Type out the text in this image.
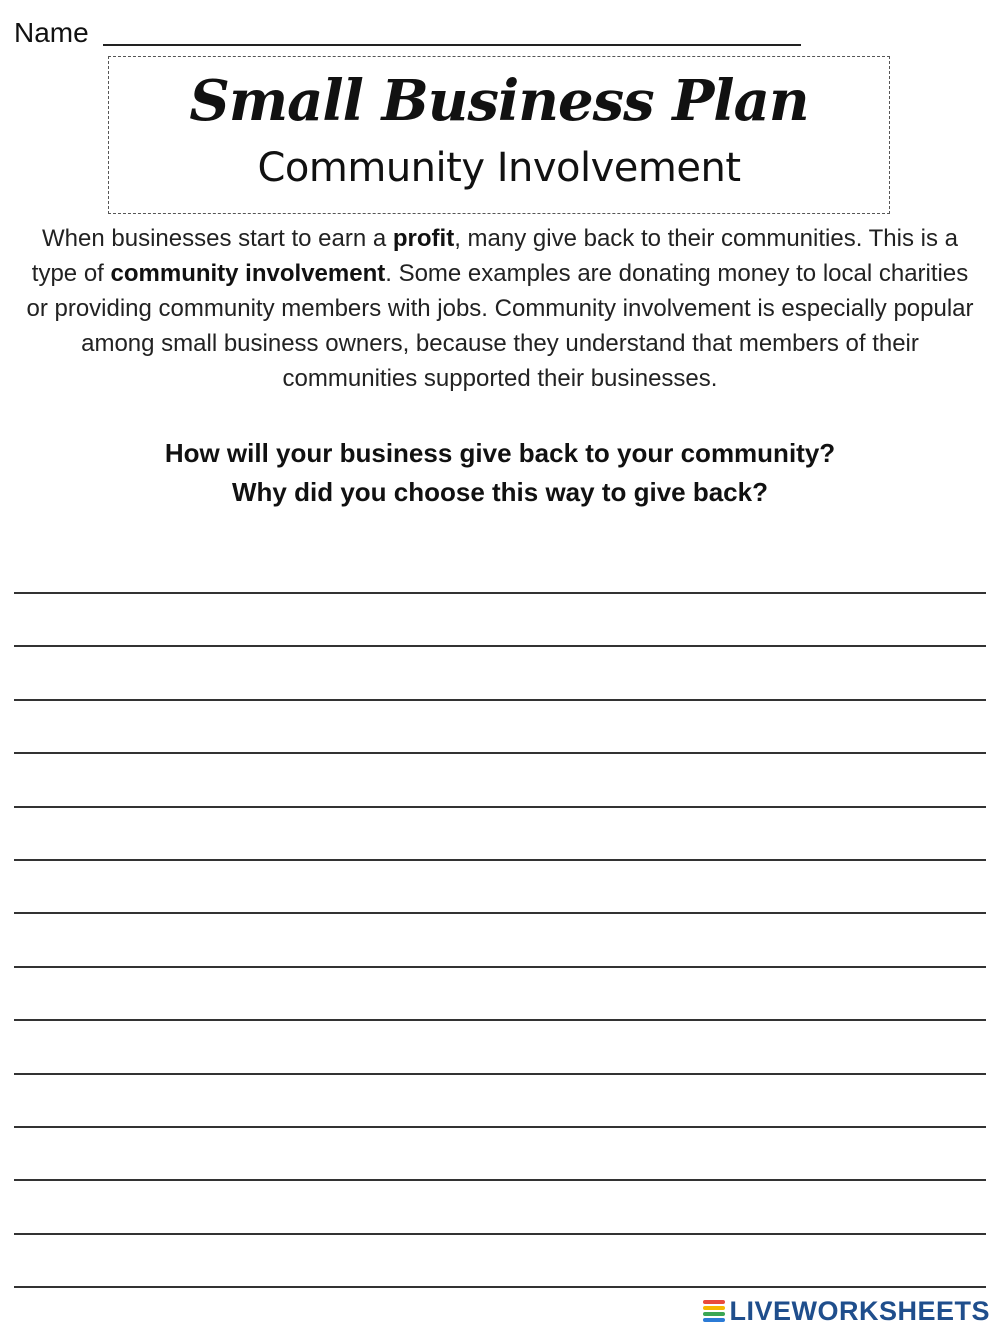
Name
Small Business Plan
Community Involvement
When businesses start to earn a profit, many give back to their communities. This is a type of community involvement. Some examples are donating money to local charities or providing community members with jobs. Community involvement is especially popular among small business owners, because they understand that members of their communities supported their businesses.
How will your business give back to your community?
Why did you choose this way to give back?
LIVEWORKSHEETS
